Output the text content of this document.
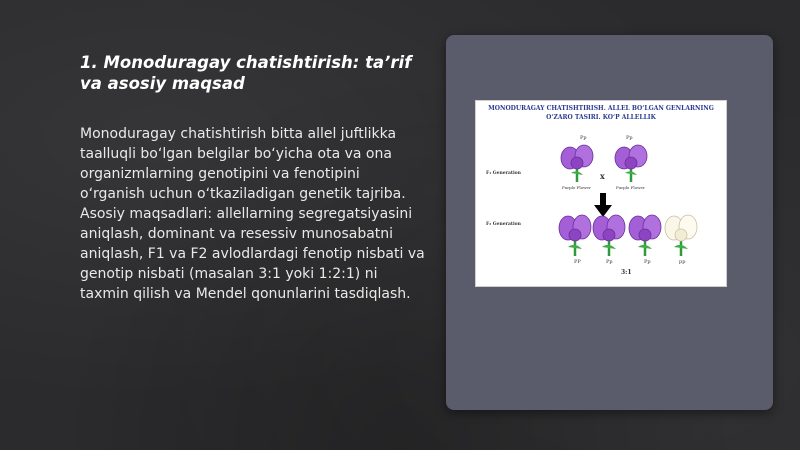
1. Monoduragay chatishtirish: taʼrif va asosiy maqsad

Monoduragay chatishtirish bitta allel juftlikka taalluqli boʻlgan belgilar boʻyicha ota va ona organizmlarning genotipini va fenotipini oʻrganish uchun oʻtkaziladigan genetik tajriba. Asosiy maqsadlari: allellarning segregatsiyasini aniqlash, dominant va resessiv munosabatni aniqlash, F1 va F2 avlodlardagi fenotip nisbati va genotip nisbati (masalan 3:1 yoki 1:2:1) ni taxmin qilish va Mendel qonunlarini tasdiqlash.

MONODURAGAY CHATISHTIRISH. ALLEL BOʻLGAN GENLARNING
OʻZARO TASIRI. KOʻP ALLELLIK

Pp	Pp
F₁ Generation	x
Purple Flower	Purple Flower
F₂ Generation
PP	Pp	Pp	pp
3:1
